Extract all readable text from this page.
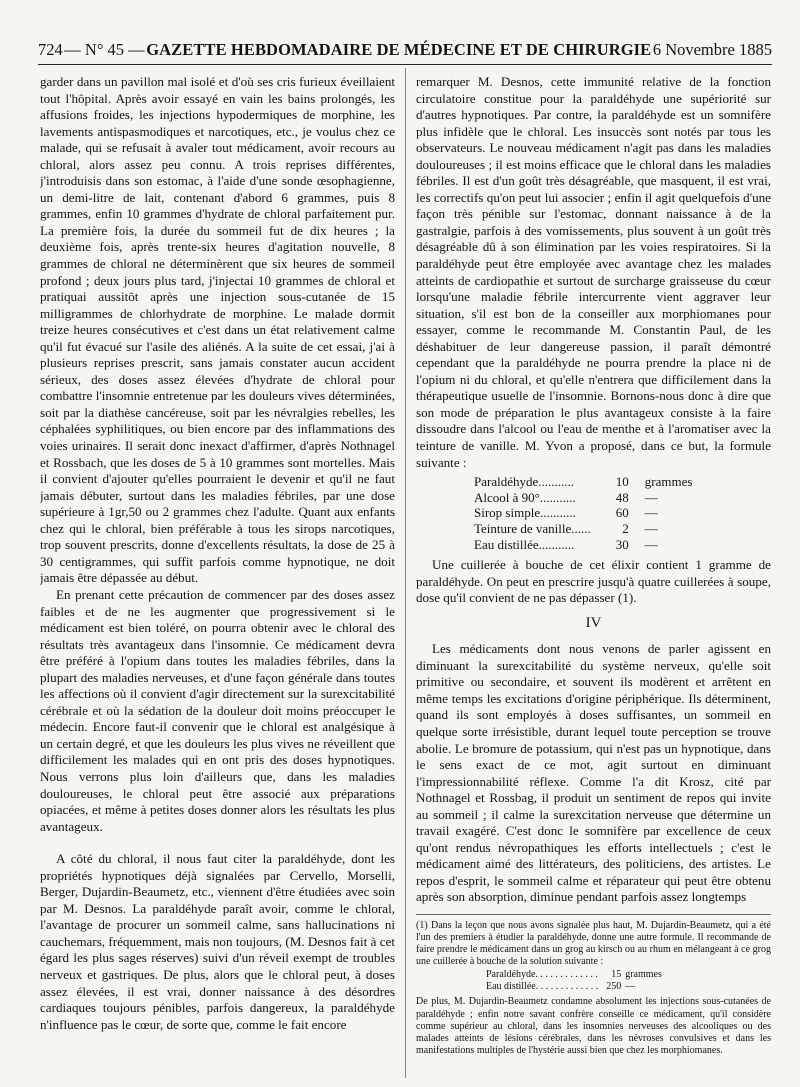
724 — N° 45 — GAZETTE HEBDOMADAIRE DE MÉDECINE ET DE CHIRURGIE 6 Novembre 1885

garder dans un pavillon mal isolé et d'où ses cris furieux éveillaient tout l'hôpital. Après avoir essayé en vain les bains prolongés, les affusions froides, les injections hypodermiques de morphine, les lavements antispasmodiques et narcotiques, etc., je voulus chez ce malade, qui se refusait à avaler tout médicament, avoir recours au chloral, alors assez peu connu. A trois reprises différentes, j'introduisis dans son estomac, à l'aide d'une sonde œsophagienne, un demi-litre de lait, contenant d'abord 6 grammes, puis 8 grammes, enfin 10 grammes d'hydrate de chloral parfaitement pur. La première fois, la durée du sommeil fut de dix heures ; la deuxième fois, après trente-six heures d'agitation nouvelle, 8 grammes de chloral ne déterminèrent que six heures de sommeil profond ; deux jours plus tard, j'injectai 10 grammes de chloral et pratiquai aussitôt après une injection sous-cutanée de 15 milligrammes de chlorhydrate de morphine. Le malade dormit treize heures consécutives et c'est dans un état relativement calme qu'il fut évacué sur l'asile des aliénés. A la suite de cet essai, j'ai à plusieurs reprises prescrit, sans jamais constater aucun accident sérieux, des doses assez élevées d'hydrate de chloral pour combattre l'insomnie entretenue par les douleurs vives déterminées, soit par la diathèse cancéreuse, soit par les névralgies rebelles, les céphalées syphilitiques, ou bien encore par des inflammations des voies urinaires. Il serait donc inexact d'affirmer, d'après Nothnagel et Rossbach, que les doses de 5 à 10 grammes sont mortelles. Mais il convient d'ajouter qu'elles pourraient le devenir et qu'il ne faut jamais débuter, surtout dans les maladies fébriles, par une dose supérieure à 1gr,50 ou 2 grammes chez l'adulte. Quant aux enfants chez qui le chloral, bien préférable à tous les sirops narcotiques, trop souvent prescrits, donne d'excellents résultats, la dose de 25 à 30 centigrammes, qui suffit parfois comme hypnotique, ne doit jamais être dépassée au début.

En prenant cette précaution de commencer par des doses assez faibles et de ne les augmenter que progressivement si le médicament est bien toléré, on pourra obtenir avec le chloral des résultats très avantageux dans l'insomnie. Ce médicament devra être préféré à l'opium dans toutes les maladies fébriles, dans la plupart des maladies nerveuses, et d'une façon générale dans toutes les affections où il convient d'agir directement sur la surexcitabilité cérébrale et où la sédation de la douleur doit moins préoccuper le médecin. Encore faut-il convenir que le chloral est analgésique à un certain degré, et que les douleurs les plus vives ne réveillent que difficilement les malades qui en ont pris des doses hypnotiques. Nous verrons plus loin d'ailleurs que, dans les maladies douloureuses, le chloral peut être associé aux préparations opiacées, et même à petites doses donner alors les résultats les plus avantageux.

A côté du chloral, il nous faut citer la paraldéhyde, dont les propriétés hypnotiques déjà signalées par Cervello, Morselli, Berger, Dujardin-Beaumetz, etc., viennent d'être étudiées avec soin par M. Desnos. La paraldéhyde paraît avoir, comme le chloral, l'avantage de procurer un sommeil calme, sans hallucinations ni cauchemars, fréquemment, mais non toujours, (M. Desnos fait à cet égard les plus sages réserves) suivi d'un réveil exempt de troubles nerveux et gastriques. De plus, alors que le chloral peut, à doses assez élevées, il est vrai, donner naissance à des désordres cardiaques toujours pénibles, parfois dangereux, la paraldéhyde n'influence pas le cœur, de sorte que, comme le fait encore

remarquer M. Desnos, cette immunité relative de la fonction circulatoire constitue pour la paraldéhyde une supériorité sur d'autres hypnotiques. Par contre, la paraldéhyde est un somnifère plus infidèle que le chloral. Les insuccès sont notés par tous les observateurs. Le nouveau médicament n'agit pas dans les maladies douloureuses ; il est moins efficace que le chloral dans les maladies fébriles. Il est d'un goût très désagréable, que masquent, il est vrai, les correctifs qu'on peut lui associer ; enfin il agit quelquefois d'une façon très pénible sur l'estomac, donnant naissance à de la gastralgie, parfois à des vomissements, plus souvent à un goût très désagréable dû à son élimination par les voies respiratoires. Si la paraldéhyde peut être employée avec avantage chez les malades atteints de cardiopathie et surtout de surcharge graisseuse du cœur lorsqu'une maladie fébrile intercurrente vient aggraver leur situation, s'il est bon de la conseiller aux morphiomanes pour essayer, comme le recommande M. Constantin Paul, de les déshabituer de leur dangereuse passion, il paraît démontré cependant que la paraldéhyde ne pourra prendre la place ni de l'opium ni du chloral, et qu'elle n'entrera que difficilement dans la thérapeutique usuelle de l'insomnie. Bornons-nous donc à dire que son mode de préparation le plus avantageux consiste à la faire dissoudre dans l'alcool ou l'eau de menthe et à l'aromatiser avec la teinture de vanille. M. Yvon a proposé, dans ce but, la formule suivante :

Paraldéhyde...........	10	grammes
Alcool à 90°...........	48	—
Sirop simple...........	60	—
Teinture de vanille......	2	—
Eau distillée...........	30	—

Une cuillerée à bouche de cet élixir contient 1 gramme de paraldéhyde. On peut en prescrire jusqu'à quatre cuillerées à soupe, dose qu'il convient de ne pas dépasser (1).

IV

Les médicaments dont nous venons de parler agissent en diminuant la surexcitabilité du système nerveux, qu'elle soit primitive ou secondaire, et souvent ils modèrent et arrêtent en même temps les excitations d'origine périphérique. Ils déterminent, quand ils sont employés à doses suffisantes, un sommeil en quelque sorte irrésistible, durant lequel toute perception se trouve abolie. Le bromure de potassium, qui n'est pas un hypnotique, dans le sens exact de ce mot, agit surtout en diminuant l'impressionnabilité réflexe. Comme l'a dit Krosz, cité par Nothnagel et Rossbag, il produit un sentiment de repos qui invite au sommeil ; il calme la surexcitation nerveuse que détermine un travail exagéré. C'est donc le somnifère par excellence de ceux qu'ont rendus névropathiques les efforts intellectuels ; c'est le médicament aimé des littérateurs, des politiciens, des artistes. Le repos d'esprit, le sommeil calme et réparateur qui peut être obtenu après son absorption, diminue pendant parfois assez longtemps

(1) Dans la leçon que nous avons signalée plus haut, M. Dujardin-Beaumetz, qui a été l'un des premiers à étudier la paraldéhyde, donne une autre formule. Il recommande de faire prendre le médicament dans un grog au kirsch ou au rhum en mélangeant à ce grog une cuillerée à bouche de la solution suivante :

Paraldéhyde. . . . . . . . . . . . .	15	grammes
Eau distillée. . . . . . . . . . . . .	250	—

De plus, M. Dujardin-Beaumetz condamne absolument les injections sous-cutanées de paraldéhyde ; enfin notre savant confrère conseille ce médicament, qu'il considère comme supérieur au chloral, dans les insomnies nerveuses des alcooliques ou des malades atteints de lésions cérébrales, dans les névroses convulsives et dans les manifestations multiples de l'hystérie aussi bien que chez les morphiomanes.
